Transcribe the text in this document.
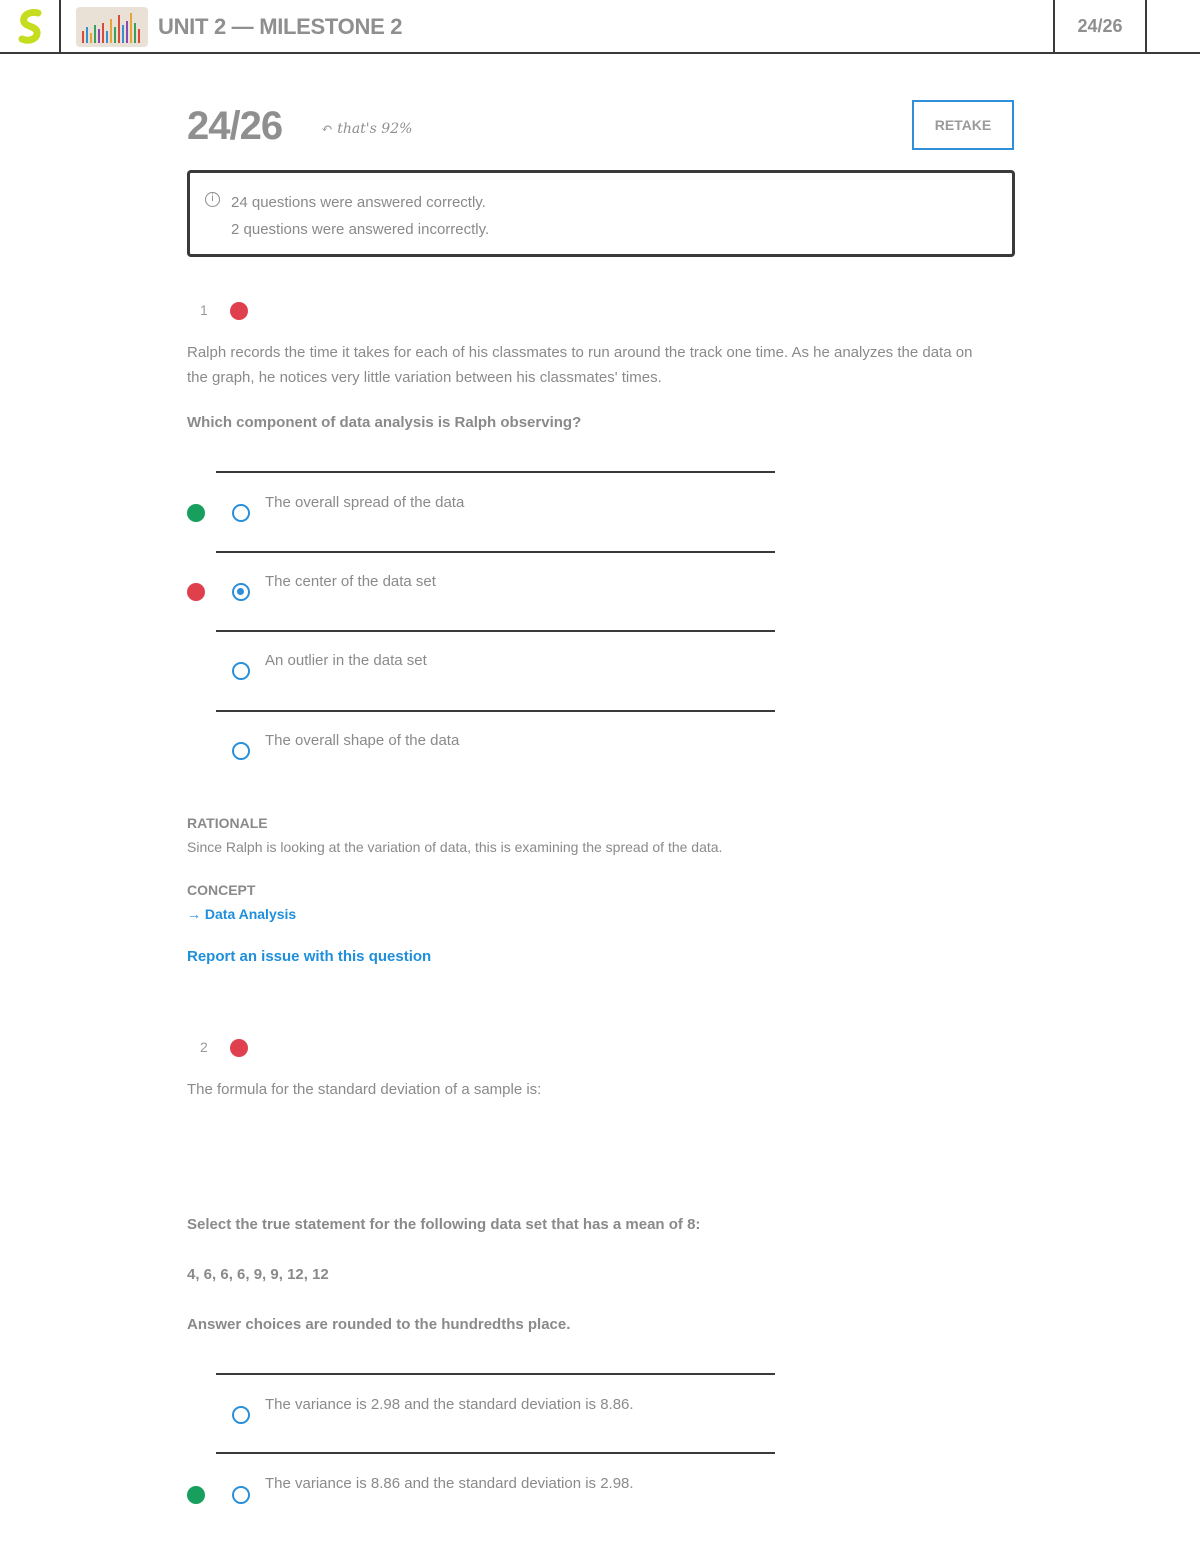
UNIT 2 — MILESTONE 2	24/26
24/26	↶ that's 92%	RETAKE
i	24 questions were answered correctly.
2 questions were answered incorrectly.
1
Ralph records the time it takes for each of his classmates to run around the track one time. As he analyzes the data on the graph, he notices very little variation between his classmates' times.
Which component of data analysis is Ralph observing?
The overall spread of the data
The center of the data set
An outlier in the data set
The overall shape of the data
RATIONALE
Since Ralph is looking at the variation of data, this is examining the spread of the data.
CONCEPT
→ Data Analysis
Report an issue with this question
2
The formula for the standard deviation of a sample is:
Select the true statement for the following data set that has a mean of 8:
4, 6, 6, 6, 9, 9, 12, 12
Answer choices are rounded to the hundredths place.
The variance is 2.98 and the standard deviation is 8.86.
The variance is 8.86 and the standard deviation is 2.98.
